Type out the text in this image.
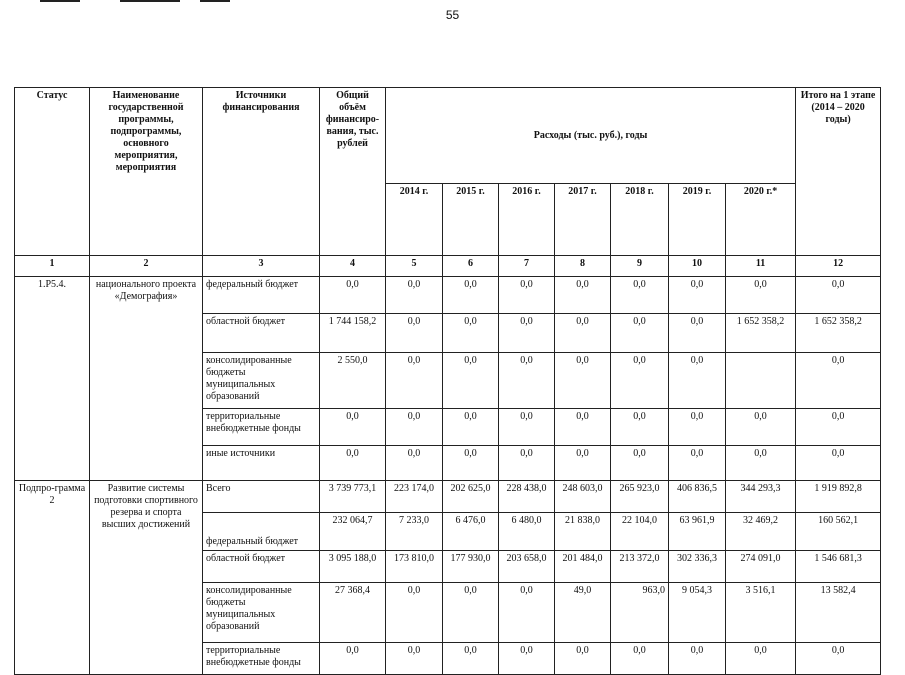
55
Статус	Наименование государственной программы, подпрограммы, основного мероприятия, мероприятия	Источники финансирования	Общий объём финансиро-вания, тыс. рублей	Расходы (тыс. руб.), годы							Итого на 1 этапе (2014 – 2020 годы)
				2014 г.	2015 г.	2016 г.	2017 г.	2018 г.	2019 г.	2020 г.*	
1	2	3	4	5	6	7	8	9	10	11	12
1.Р5.4.	национального проекта «Демография»	федеральный бюджет	0,0	0,0	0,0	0,0	0,0	0,0	0,0	0,0	0,0
		областной бюджет	1 744 158,2	0,0	0,0	0,0	0,0	0,0	0,0	1 652 358,2	1 652 358,2
		консолидированные бюджеты муниципальных образований	2 550,0	0,0	0,0	0,0	0,0	0,0	0,0		0,0
		территориальные внебюджетные фонды	0,0	0,0	0,0	0,0	0,0	0,0	0,0	0,0	0,0
		иные источники	0,0	0,0	0,0	0,0	0,0	0,0	0,0	0,0	0,0
Подпро-грамма 2	Развитие системы подготовки спортивного резерва и спорта высших достижений	Всего	3 739 773,1	223 174,0	202 625,0	228 438,0	248 603,0	265 923,0	406 836,5	344 293,3	1 919 892,8
		федеральный бюджет	232 064,7	7 233,0	6 476,0	6 480,0	21 838,0	22 104,0	63 961,9	32 469,2	160 562,1
		областной бюджет	3 095 188,0	173 810,0	177 930,0	203 658,0	201 484,0	213 372,0	302 336,3	274 091,0	1 546 681,3
		консолидированные бюджеты муниципальных образований	27 368,4	0,0	0,0	0,0	49,0	963,0	9 054,3	3 516,1	13 582,4
		территориальные внебюджетные фонды	0,0	0,0	0,0	0,0	0,0	0,0	0,0	0,0	0,0
